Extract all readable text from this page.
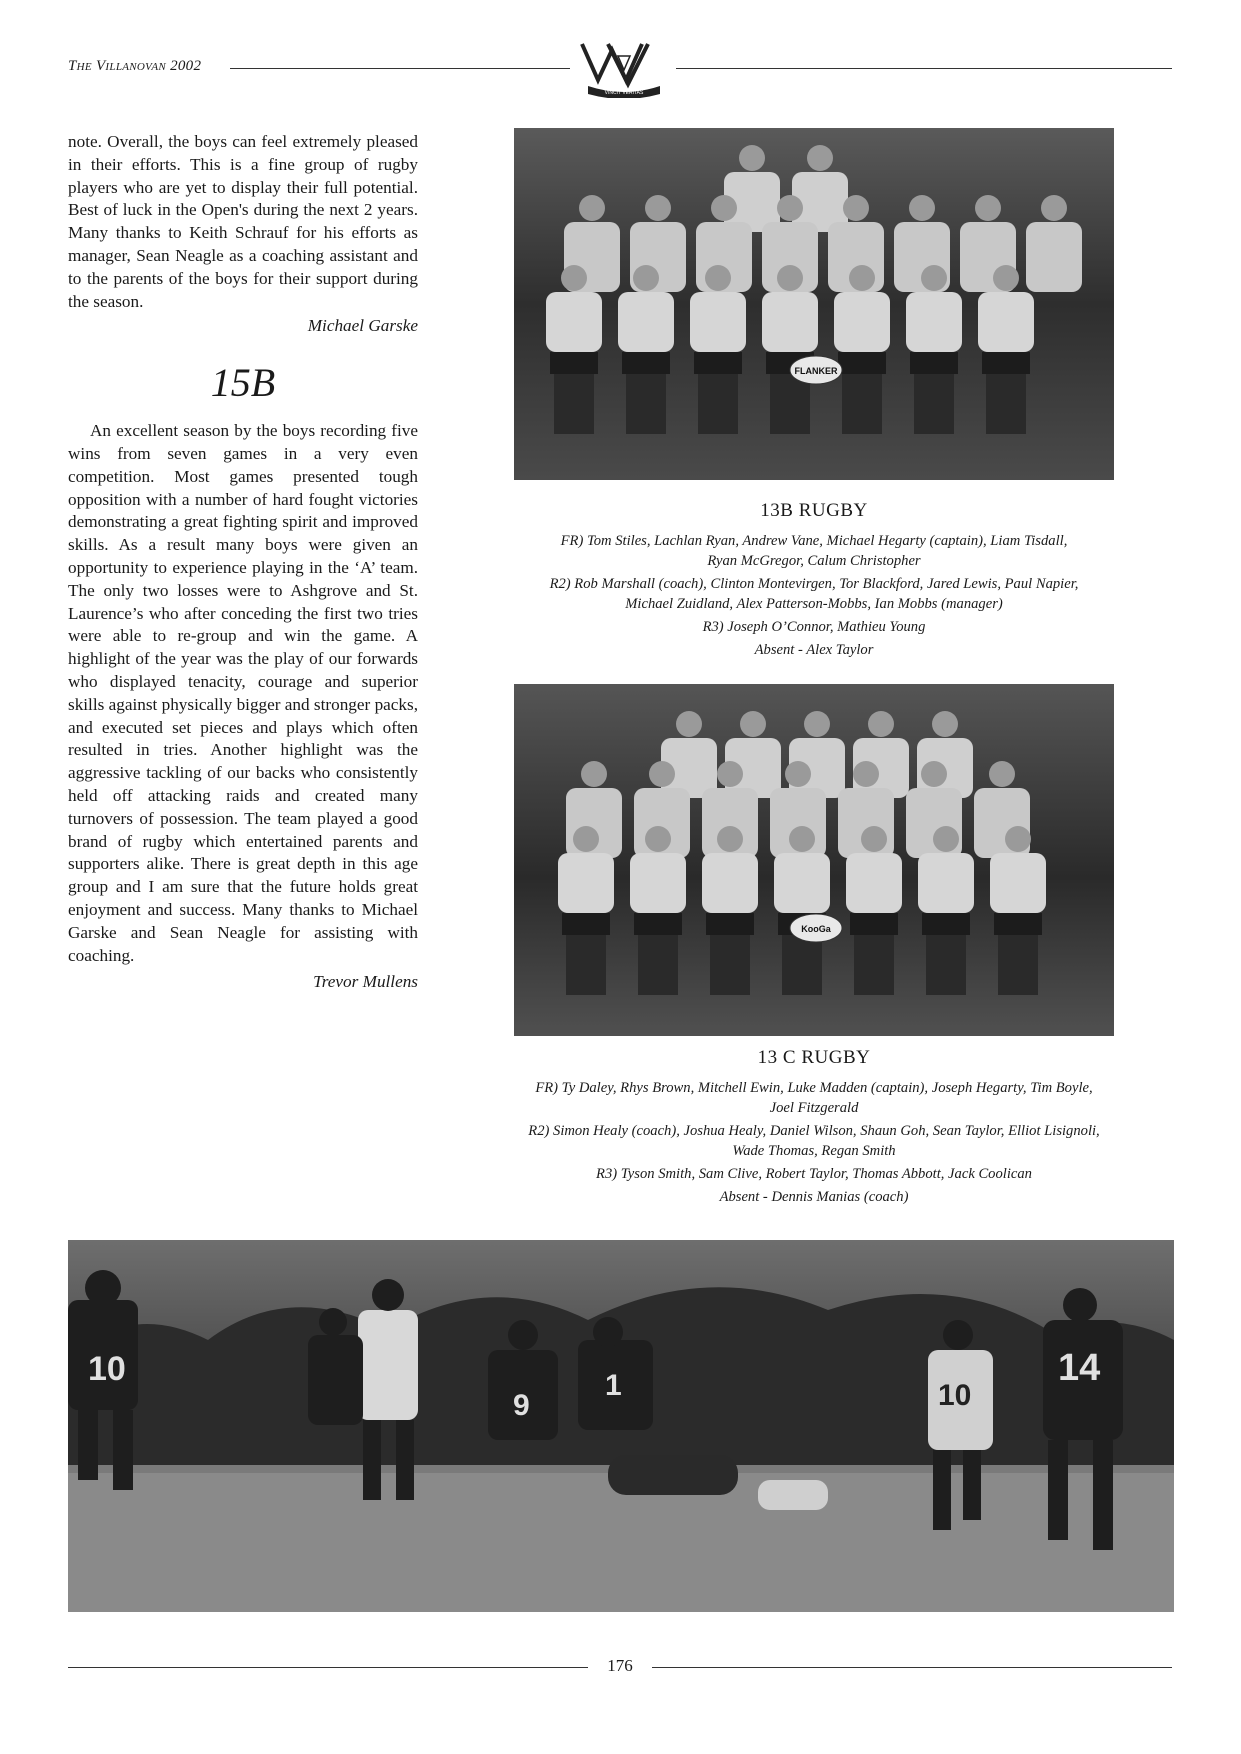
The Villanovan 2002
VINCIT VERITAS

note. Overall, the boys can feel extremely pleased in their efforts. This is a fine group of rugby players who are yet to display their full potential. Best of luck in the Open's during the next 2 years. Many thanks to Keith Schrauf for his efforts as manager, Sean Neagle as a coaching assistant and to the parents of the boys for their support during the season.

Michael Garske

15B

An excellent season by the boys recording five wins from seven games in a very even competition. Most games presented tough opposition with a number of hard fought victories demonstrating a great fighting spirit and improved skills. As a result many boys were given an opportunity to experience playing in the ‘A’ team. The only two losses were to Ashgrove and St. Laurence’s who after conceding the first two tries were able to re-group and win the game. A highlight of the year was the play of our forwards who displayed tenacity, courage and superior skills against physically bigger and stronger packs, and executed set pieces and plays which often resulted in tries. Another highlight was the aggressive tackling of our backs who consistently held off attacking raids and created many turnovers of possession. The team played a good brand of rugby which entertained parents and supporters alike. There is great depth in this age group and I am sure that the future holds great enjoyment and success. Many thanks to Michael Garske and Sean Neagle for assisting with coaching.

Trevor Mullens

FLANKER
13B RUGBY
FR) Tom Stiles, Lachlan Ryan, Andrew Vane, Michael Hegarty (captain), Liam Tisdall,
Ryan McGregor, Calum Christopher
R2) Rob Marshall (coach), Clinton Montevirgen, Tor Blackford, Jared Lewis, Paul Napier,
Michael Zuidland, Alex Patterson-Mobbs, Ian Mobbs (manager)
R3) Joseph O’Connor, Mathieu Young
Absent - Alex Taylor
KooGa
13 C RUGBY
FR) Ty Daley, Rhys Brown, Mitchell Ewin, Luke Madden (captain), Joseph Hegarty, Tim Boyle,
Joel Fitzgerald
R2) Simon Healy (coach), Joshua Healy, Daniel Wilson, Shaun Goh, Sean Taylor, Elliot Lisignoli,
Wade Thomas, Regan Smith
R3) Tyson Smith, Sam Clive, Robert Taylor, Thomas Abbott, Jack Coolican
Absent - Dennis Manias (coach)
10
9
1	10
14
176
